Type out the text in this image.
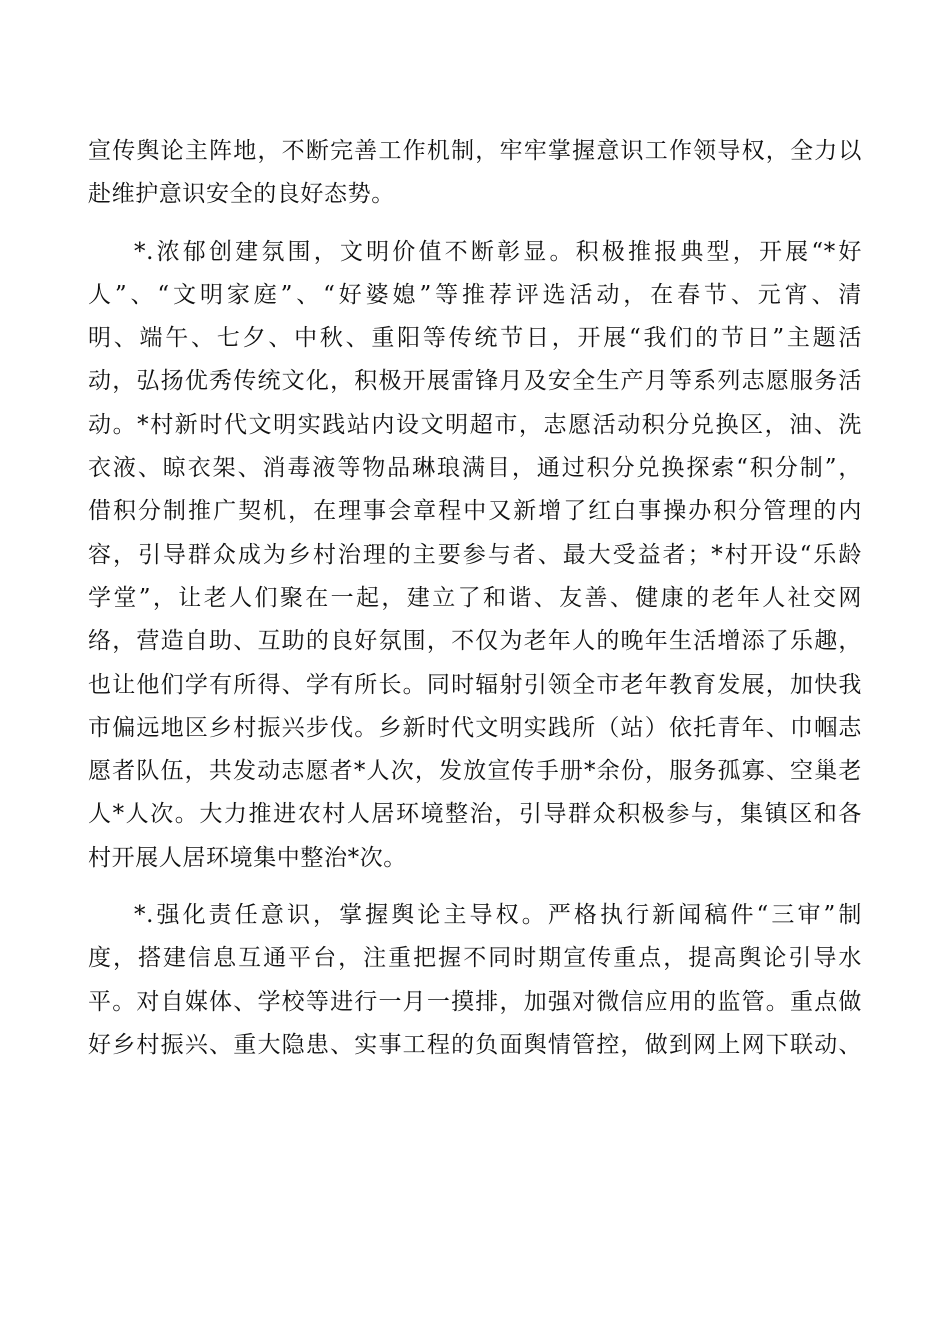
宣传舆论主阵地，不断完善工作机制，牢牢掌握意识工作领导权，全力以
赴维护意识安全的良好态势。
*.浓郁创建氛围，文明价值不断彰显。积极推报典型，开展“*好
人”、“文明家庭”、“好婆媳”等推荐评选活动，在春节、元宵、清
明、端午、七夕、中秋、重阳等传统节日，开展“我们的节日”主题活
动，弘扬优秀传统文化，积极开展雷锋月及安全生产月等系列志愿服务活
动。*村新时代文明实践站内设文明超市，志愿活动积分兑换区，油、洗
衣液、晾衣架、消毒液等物品琳琅满目，通过积分兑换探索“积分制”，
借积分制推广契机，在理事会章程中又新增了红白事操办积分管理的内
容，引导群众成为乡村治理的主要参与者、最大受益者；*村开设“乐龄
学堂”，让老人们聚在一起，建立了和谐、友善、健康的老年人社交网
络，营造自助、互助的良好氛围，不仅为老年人的晚年生活增添了乐趣，
也让他们学有所得、学有所长。同时辐射引领全市老年教育发展，加快我
市偏远地区乡村振兴步伐。乡新时代文明实践所（站）依托青年、巾帼志
愿者队伍，共发动志愿者*人次，发放宣传手册*余份，服务孤寡、空巢老
人*人次。大力推进农村人居环境整治，引导群众积极参与，集镇区和各
村开展人居环境集中整治*次。
*.强化责任意识，掌握舆论主导权。严格执行新闻稿件“三审”制
度，搭建信息互通平台，注重把握不同时期宣传重点，提高舆论引导水
平。对自媒体、学校等进行一月一摸排，加强对微信应用的监管。重点做
好乡村振兴、重大隐患、实事工程的负面舆情管控，做到网上网下联动、
